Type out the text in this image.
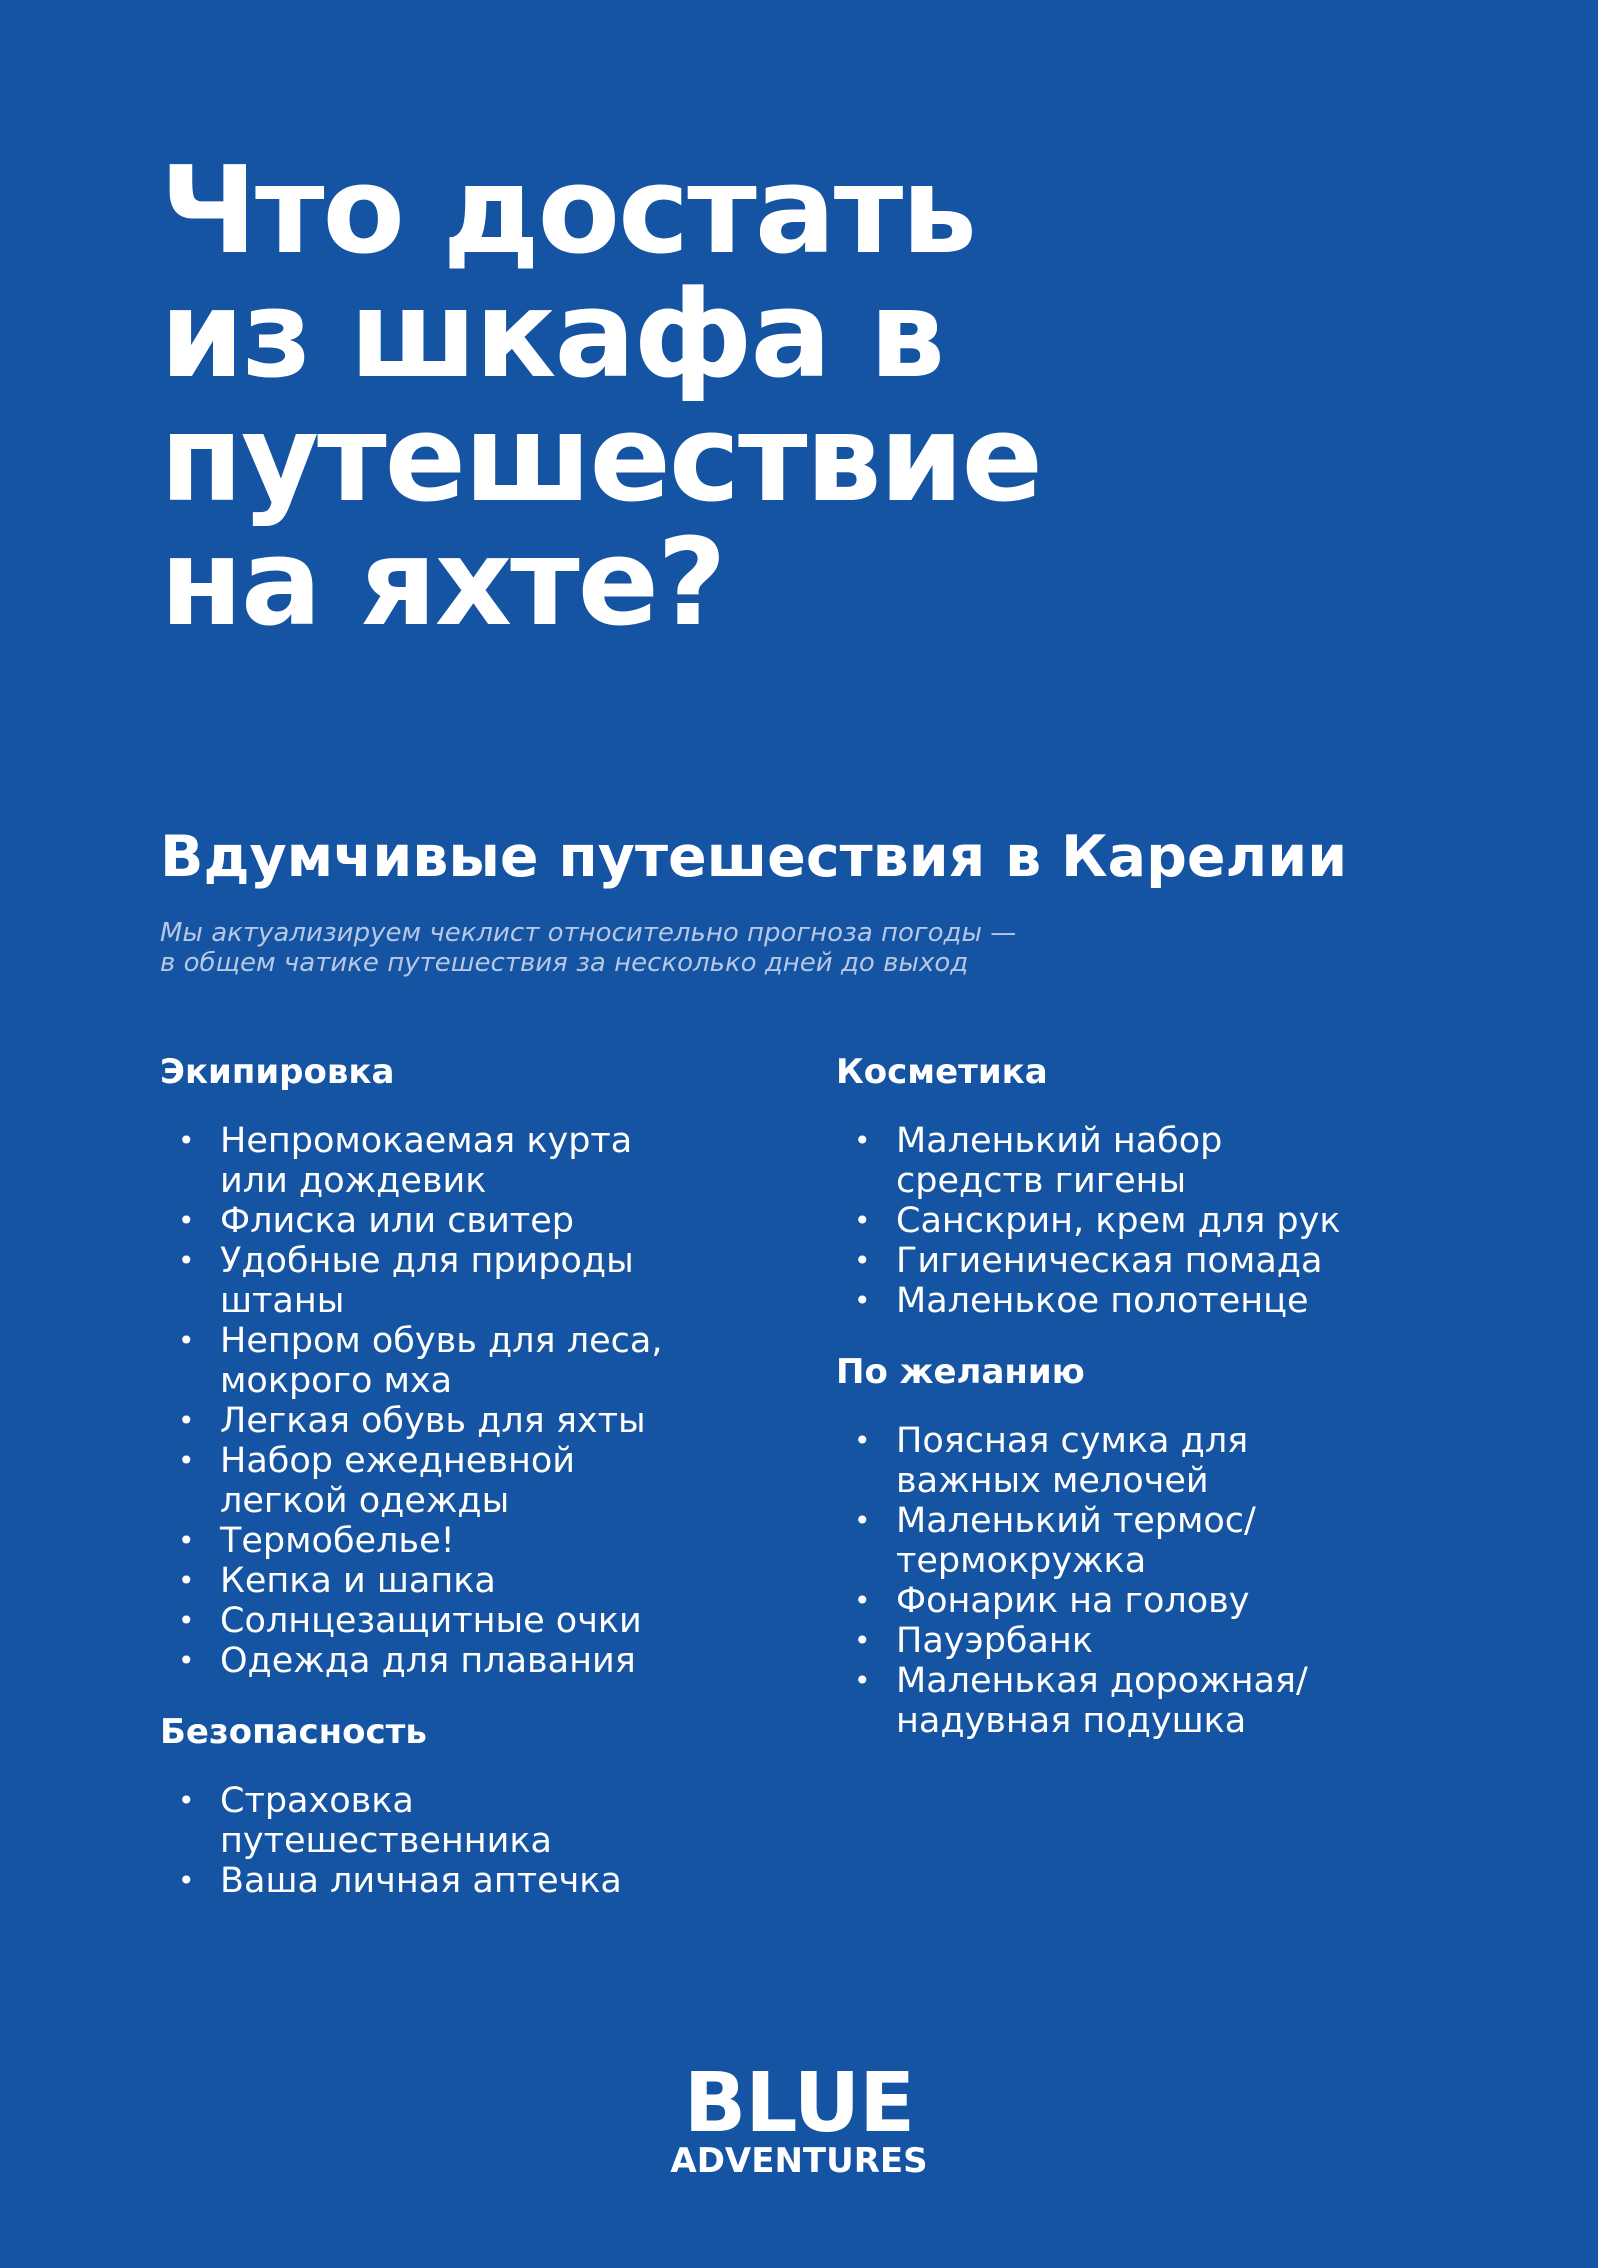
Что достать
из шкафа в
путешествие
на яхте?
Вдумчивые путешествия в Карелии

Мы актуализируем чеклист относительно прогноза погоды —
в общем чатике путешествия за несколько дней до выход

Экипировка
• Непромокаемая курта
или дождевик
• Флиска или свитер
• Удобные для природы
штаны
• Непром обувь для леса,
мокрого мха
• Легкая обувь для яхты
• Набор ежедневной
легкой одежды
• Термобелье!
• Кепка и шапка
• Солнцезащитные очки
• Одежда для плавания
Безопасность
• Страховка
путешественника
• Ваша личная аптечка
Косметика
• Маленький набор
средств гигены
• Санскрин, крем для рук
• Гигиеническая помада
• Маленькое полотенце
По желанию
• Поясная сумка для
важных мелочей
• Маленький термос/
термокружка
• Фонарик на голову
• Пауэрбанк
• Маленькая дорожная/
надувная подушка
BLUE
ADVENTURES
